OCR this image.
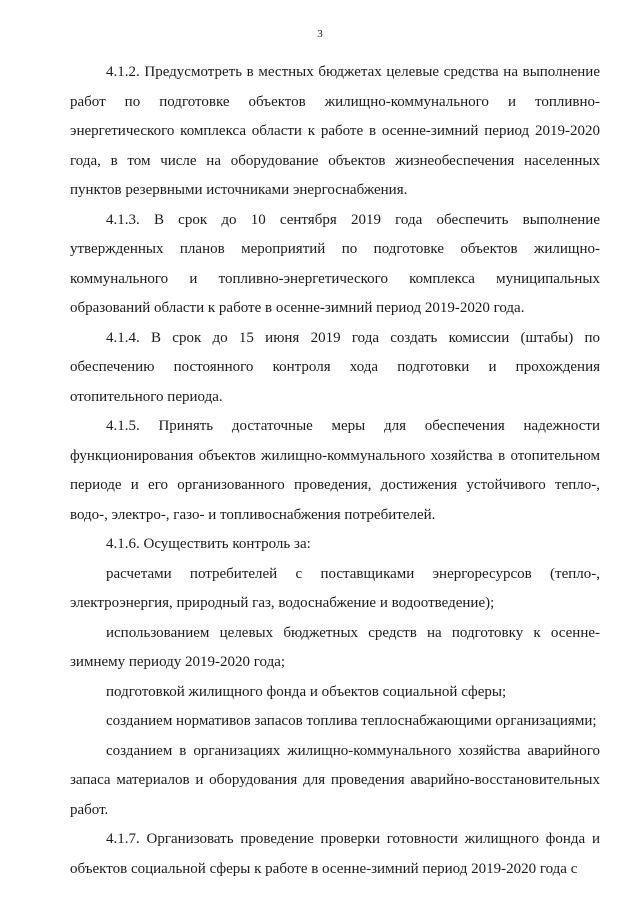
3

4.1.2. Предусмотреть в местных бюджетах целевые средства на выполнение работ по подготовке объектов жилищно-коммунального и топливно-энергетического комплекса области к работе в осенне-зимний период 2019-2020 года, в том числе на оборудование объектов жизнеобеспечения населенных пунктов резервными источниками энергоснабжения.

4.1.3. В срок до 10 сентября 2019 года обеспечить выполнение утвержденных планов мероприятий по подготовке объектов жилищно-коммунального и топливно-энергетического комплекса муниципальных образований области к работе в осенне-зимний период 2019-2020 года.

4.1.4. В срок до 15 июня 2019 года создать комиссии (штабы) по обеспечению постоянного контроля хода подготовки и прохождения отопительного периода.

4.1.5. Принять достаточные меры для обеспечения надежности функционирования объектов жилищно-коммунального хозяйства в отопительном периоде и его организованного проведения, достижения устойчивого тепло-, водо-, электро-, газо- и топливоснабжения потребителей.

4.1.6. Осуществить контроль за:

расчетами потребителей с поставщиками энергоресурсов (тепло-, электроэнергия, природный газ, водоснабжение и водоотведение);

использованием целевых бюджетных средств на подготовку к осенне-зимнему периоду 2019-2020 года;

подготовкой жилищного фонда и объектов социальной сферы;

созданием нормативов запасов топлива теплоснабжающими организациями;

созданием в организациях жилищно-коммунального хозяйства аварийного запаса материалов и оборудования для проведения аварийно-восстановительных работ.

4.1.7. Организовать проведение проверки готовности жилищного фонда и объектов социальной сферы к работе в осенне-зимний период 2019-2020 года с
